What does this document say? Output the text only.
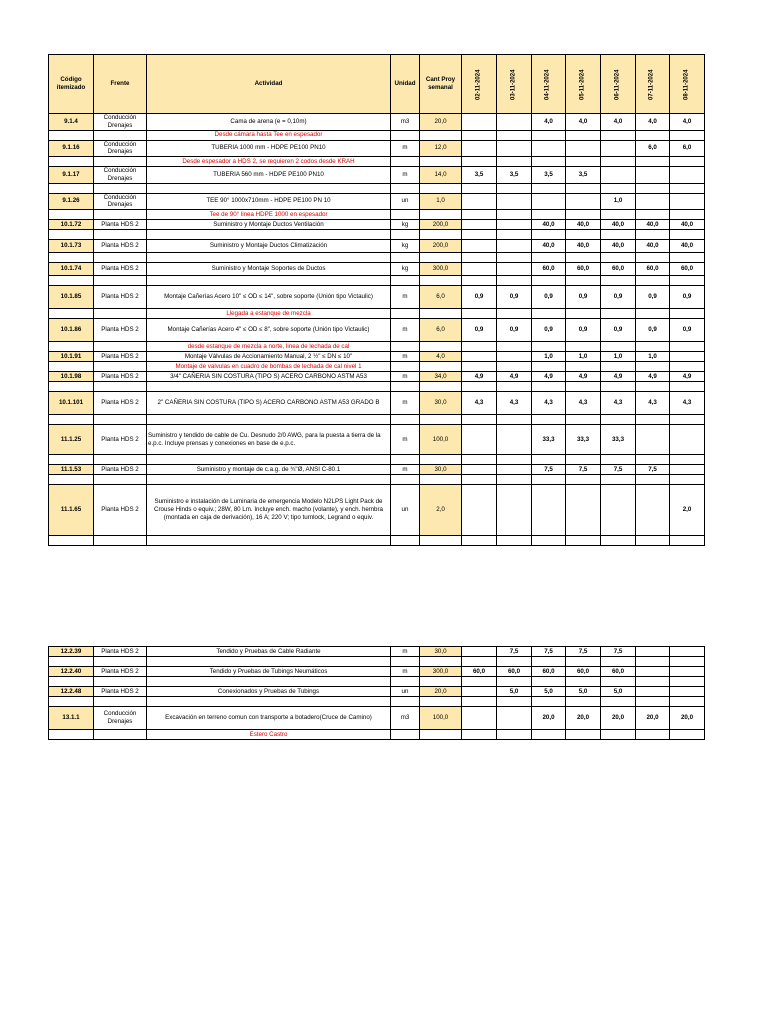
Código itemizado	Frente	Actividad	Unidad	Cant Proy semanal	02-11-2024	03-11-2024	04-11-2024	05-11-2024	06-11-2024	07-11-2024	08-11-2024
9.1.4	Conducción Drenajes	Cama de arena (e = 0,10m)	m3	20,0			4,0	4,0	4,0	4,0	4,0
		Desde cámara hasta Tee en espesador									
9.1.16	Conducción Drenajes	TUBERIA 1000 mm - HDPE PE100 PN10	m	12,0						6,0	6,0
		Desde espesador a HDS 2, se requieren 2 codos desde KRAH									
9.1.17	Conducción Drenajes	TUBERIA 560 mm - HDPE PE100 PN10	m	14,0	3,5	3,5	3,5	3,5			

9.1.26	Conducción Drenajes	TEE 90° 1000x710mm - HDPE PE100 PN 10	un	1,0					1,0		
		Tee de 90° linea HDPE 1000 en espesador									
10.1.72	Planta HDS 2	Suministro y Montaje Ductos Ventilación	kg	200,0			40,0	40,0	40,0	40,0	40,0

10.1.73	Planta HDS 2	Suministro y Montaje Ductos Climatización	kg	200,0			40,0	40,0	40,0	40,0	40,0

10.1.74	Planta HDS 2	Suministro y Montaje Soportes de Ductos	kg	300,0			60,0	60,0	60,0	60,0	60,0

10.1.85	Planta HDS 2	Montaje Cañerías Acero 10" ≤ OD ≤ 14", sobre soporte (Unión tipo Victaulic)	m	6,0	0,9	0,9	0,9	0,9	0,9	0,9	0,9
		Llegada a estanque de mezcla									
10.1.86	Planta HDS 2	Montaje Cañerías Acero 4" ≤ OD ≤ 8", sobre soporte (Unión tipo Victaulic)	m	6,0	0,9	0,9	0,9	0,9	0,9	0,9	0,9
		desde estanque de mezcla a norte, linea de lechada de cal									
10.1.91	Planta HDS 2	Montaje Válvulas de Accionamiento Manual, 2 ½" ≤ DN ≤ 10"	m	4,0			1,0	1,0	1,0	1,0	
		Montaje de valvulas en cuadro de bombas de lechada de cal nivel 1									
10.1.98	Planta HDS 2	3/4" CAÑERIA SIN COSTURA (TIPO S) ACERO CARBONO ASTM A53	m	34,0	4,9	4,9	4,9	4,9	4,9	4,9	4,9

10.1.101	Planta HDS 2	2" CAÑERIA SIN COSTURA (TIPO S) ACERO CARBONO ASTM A53 GRADO B	m	30,0	4,3	4,3	4,3	4,3	4,3	4,3	4,3

11.1.25	Planta HDS 2	Suministro y tendido de cable de Cu. Desnudo 2/0 AWG, para la puesta a tierra de la e.p.c. Incluye prensas y conexiones en base de e.p.c.	m	100,0			33,3	33,3	33,3		

11.1.53	Planta HDS 2	Suministro y montaje de c.a.g. de ¾"Ø, ANSI C-80.1	m	30,0			7,5	7,5	7,5	7,5	

11.1.65	Planta HDS 2	Suministro e instalación de Luminaria de emergencia Modelo N2LPS Light Pack de Crouse Hinds o equiv.; 28W, 80 Lm. Incluye ench. macho (volante), y ench. hembra (montada en caja de derivación), 16 A; 220 V; tipo turnlock, Legrand o equiv.	un	2,0							2,0

12.2.39	Planta HDS 2	Tendido y Pruebas de Cable Radiante	m	30,0		7,5	7,5	7,5	7,5		

12.2.40	Planta HDS 2	Tendido y Pruebas de Tubings Neumáticos	m	300,0	60,0	60,0	60,0	60,0	60,0		

12.2.48	Planta HDS 2	Conexionados y Pruebas de Tubings	un	20,0		5,0	5,0	5,0	5,0		

13.1.1	Conducción Drenajes	Excavación en terreno comun con transporte a botadero(Cruce de Camino)	m3	100,0			20,0	20,0	20,0	20,0	20,0
		Estero Castro									
